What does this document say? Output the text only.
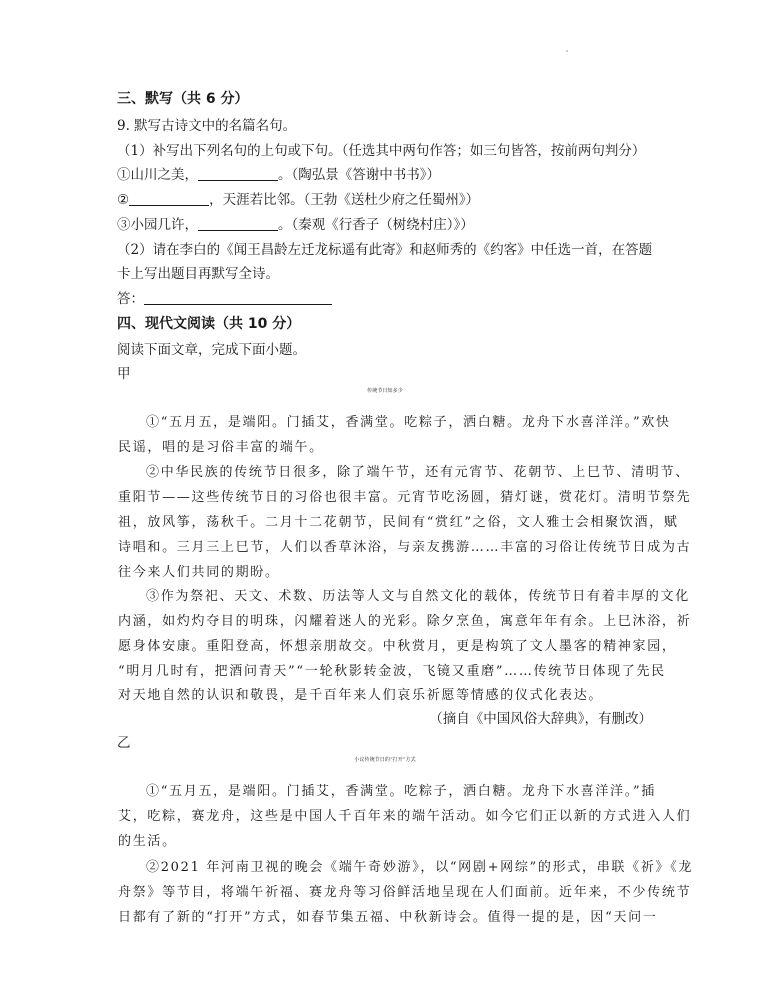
三、默写（共 6 分）
9. 默写古诗文中的名篇名句。
（1）补写出下列名句的上句或下句。（任选其中两句作答；如三句皆答，按前两句判分）
①山川之美，	。（陶弘景《答谢中书书》）
②	，天涯若比邻。（王勃《送杜少府之任蜀州》）
③小园几许，	。（秦观《行香子（树绕村庄）》）
（2）请在李白的《闻王昌龄左迁龙标遥有此寄》和赵师秀的《约客》中任选一首，在答题
卡上写出题目再默写全诗。
答：
四、现代文阅读（共 10 分）
阅读下面文章，完成下面小题。
甲
传统节日知多少
①“五月五，是端阳。门插艾，香满堂。吃粽子，洒白糖。龙舟下水喜洋洋。”欢快
民谣，唱的是习俗丰富的端午。
②中华民族的传统节日很多，除了端午节，还有元宵节、花朝节、上巳节、清明节、
重阳节——这些传统节日的习俗也很丰富。元宵节吃汤圆，猜灯谜，赏花灯。清明节祭先
祖，放风筝，荡秋千。二月十二花朝节，民间有“赏红”之俗，文人雅士会相聚饮酒，赋
诗唱和。三月三上巳节，人们以香草沐浴，与亲友携游……丰富的习俗让传统节日成为古
往今来人们共同的期盼。
③作为祭祀、天文、术数、历法等人文与自然文化的载体，传统节日有着丰厚的文化
内涵，如灼灼夺目的明珠，闪耀着迷人的光彩。除夕烹鱼，寓意年年有余。上巳沐浴，祈
愿身体安康。重阳登高，怀想亲朋故交。中秋赏月，更是构筑了文人墨客的精神家园，
“明月几时有，把酒问青天”“一轮秋影转金波，飞镜又重磨”……传统节日体现了先民
对天地自然的认识和敬畏，是千百年来人们哀乐祈愿等情感的仪式化表达。
（摘自《中国风俗大辞典》，有删改）
乙
小议传统节日的“打开”方式
①“五月五，是端阳。门插艾，香满堂。吃粽子，洒白糖。龙舟下水喜洋洋。”插
艾，吃粽，赛龙舟，这些是中国人千百年来的端午活动。如今它们正以新的方式进入人们
的生活。
②2021 年河南卫视的晚会《端午奇妙游》，以“网剧+网综”的形式，串联《祈》《龙
舟祭》等节目，将端午祈福、赛龙舟等习俗鲜活地呈现在人们面前。近年来，不少传统节
日都有了新的“打开”方式，如春节集五福、中秋新诗会。值得一提的是，因“天问一
